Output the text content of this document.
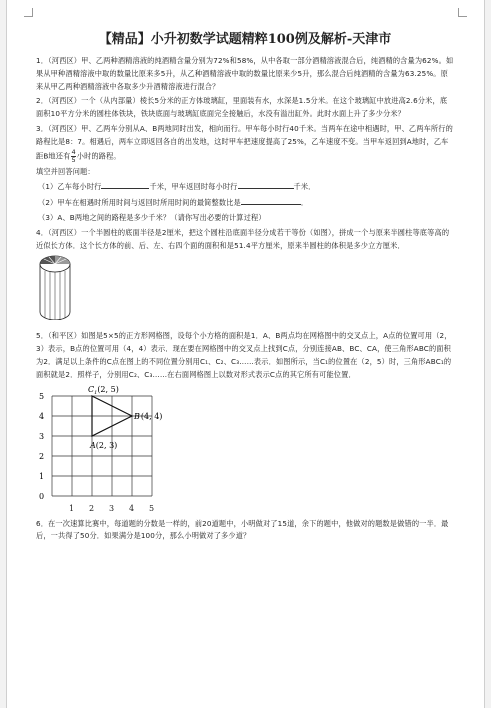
【精品】小升初数学试题精粹100例及解析-天津市

1．（河西区）甲、乙两种酒精溶液的纯酒精含量分别为72%和58%，从中各取一部分酒精溶液混合后，纯酒精的含量为62%。如果从甲种酒精溶液中取的数量比原来多5升，从乙种酒精溶液中取的数量比原来少5升，那么混合后纯酒精的含量为63.25%。原来从甲乙两种酒精溶液中各取多少升酒精溶液进行混合？

2．（河西区）一个（从内部量）棱长5分米的正方体玻璃缸，里面装有水，水深是1.5分米。在这个玻璃缸中放进高2.6分米，底面积10平方分米的圆柱体铁块，铁块底面与玻璃缸底面完全接触后，水没有溢出缸外。此时水面上升了多少分米？

3．（河西区）甲、乙两车分别从A、B两地同时出发，相向而行。甲车每小时行40千米。当两车在途中相遇时，甲、乙两车所行的路程比是8：7。相遇后，两车立即返回各自的出发地，这时甲车把速度提高了25%，乙车速度不变。当甲车返回到A地时，乙车距B地还有 $\frac{4}{5}$ 小时的路程。

填空并回答问题：

（1）乙车每小时行	千米，甲车返回时每小时行	千米．

（2）甲车在相遇时所用时间与返回时所用时间的最简整数比是	．

（3）A、B两地之间的路程是多少千米？（请你写出必要的计算过程）

4．（河西区）一个半圆柱的底面半径是2厘米，把这个圆柱沿底面半径分成若干等份（如图），拼成一个与原来半圆柱等底等高的近似长方体．这个长方体的前、后、左、右四个面的面积和是51.4平方厘米，原来半圆柱的体积是多少立方厘米．

5．（和平区）如图是5×5的正方形网格图，设每个小方格的面积是1．A、B两点均在网格图中的交叉点上，A点的位置可用（2，3）表示，B点的位置可用（4，4）表示．现在要在网格图中的交叉点上找到C点，分别连接AB、BC、CA，使三角形ABC的面积为2．满足以上条件的C点在图上的不同位置分别用C₁、C₂、C₃……表示．如图所示，当C₁的位置在（2，5）时，三角形ABC₁的面积就是2．照样子，分别用C₂、C₃……在右面网格图上以数对形式表示C点的其它所有可能位置．

5
4
3
2
1
0
$C_1(2$, 5)
B(4, 4)
A(2, 3)
1 2 3 4 5

6．在一次速算比赛中，每道题的分数是一样的，前20道题中，小明做对了15道，余下的题中，他做对的题数是做错的一半．最后，一共得了50分．如果满分是100分，那么小明做对了多少道？
